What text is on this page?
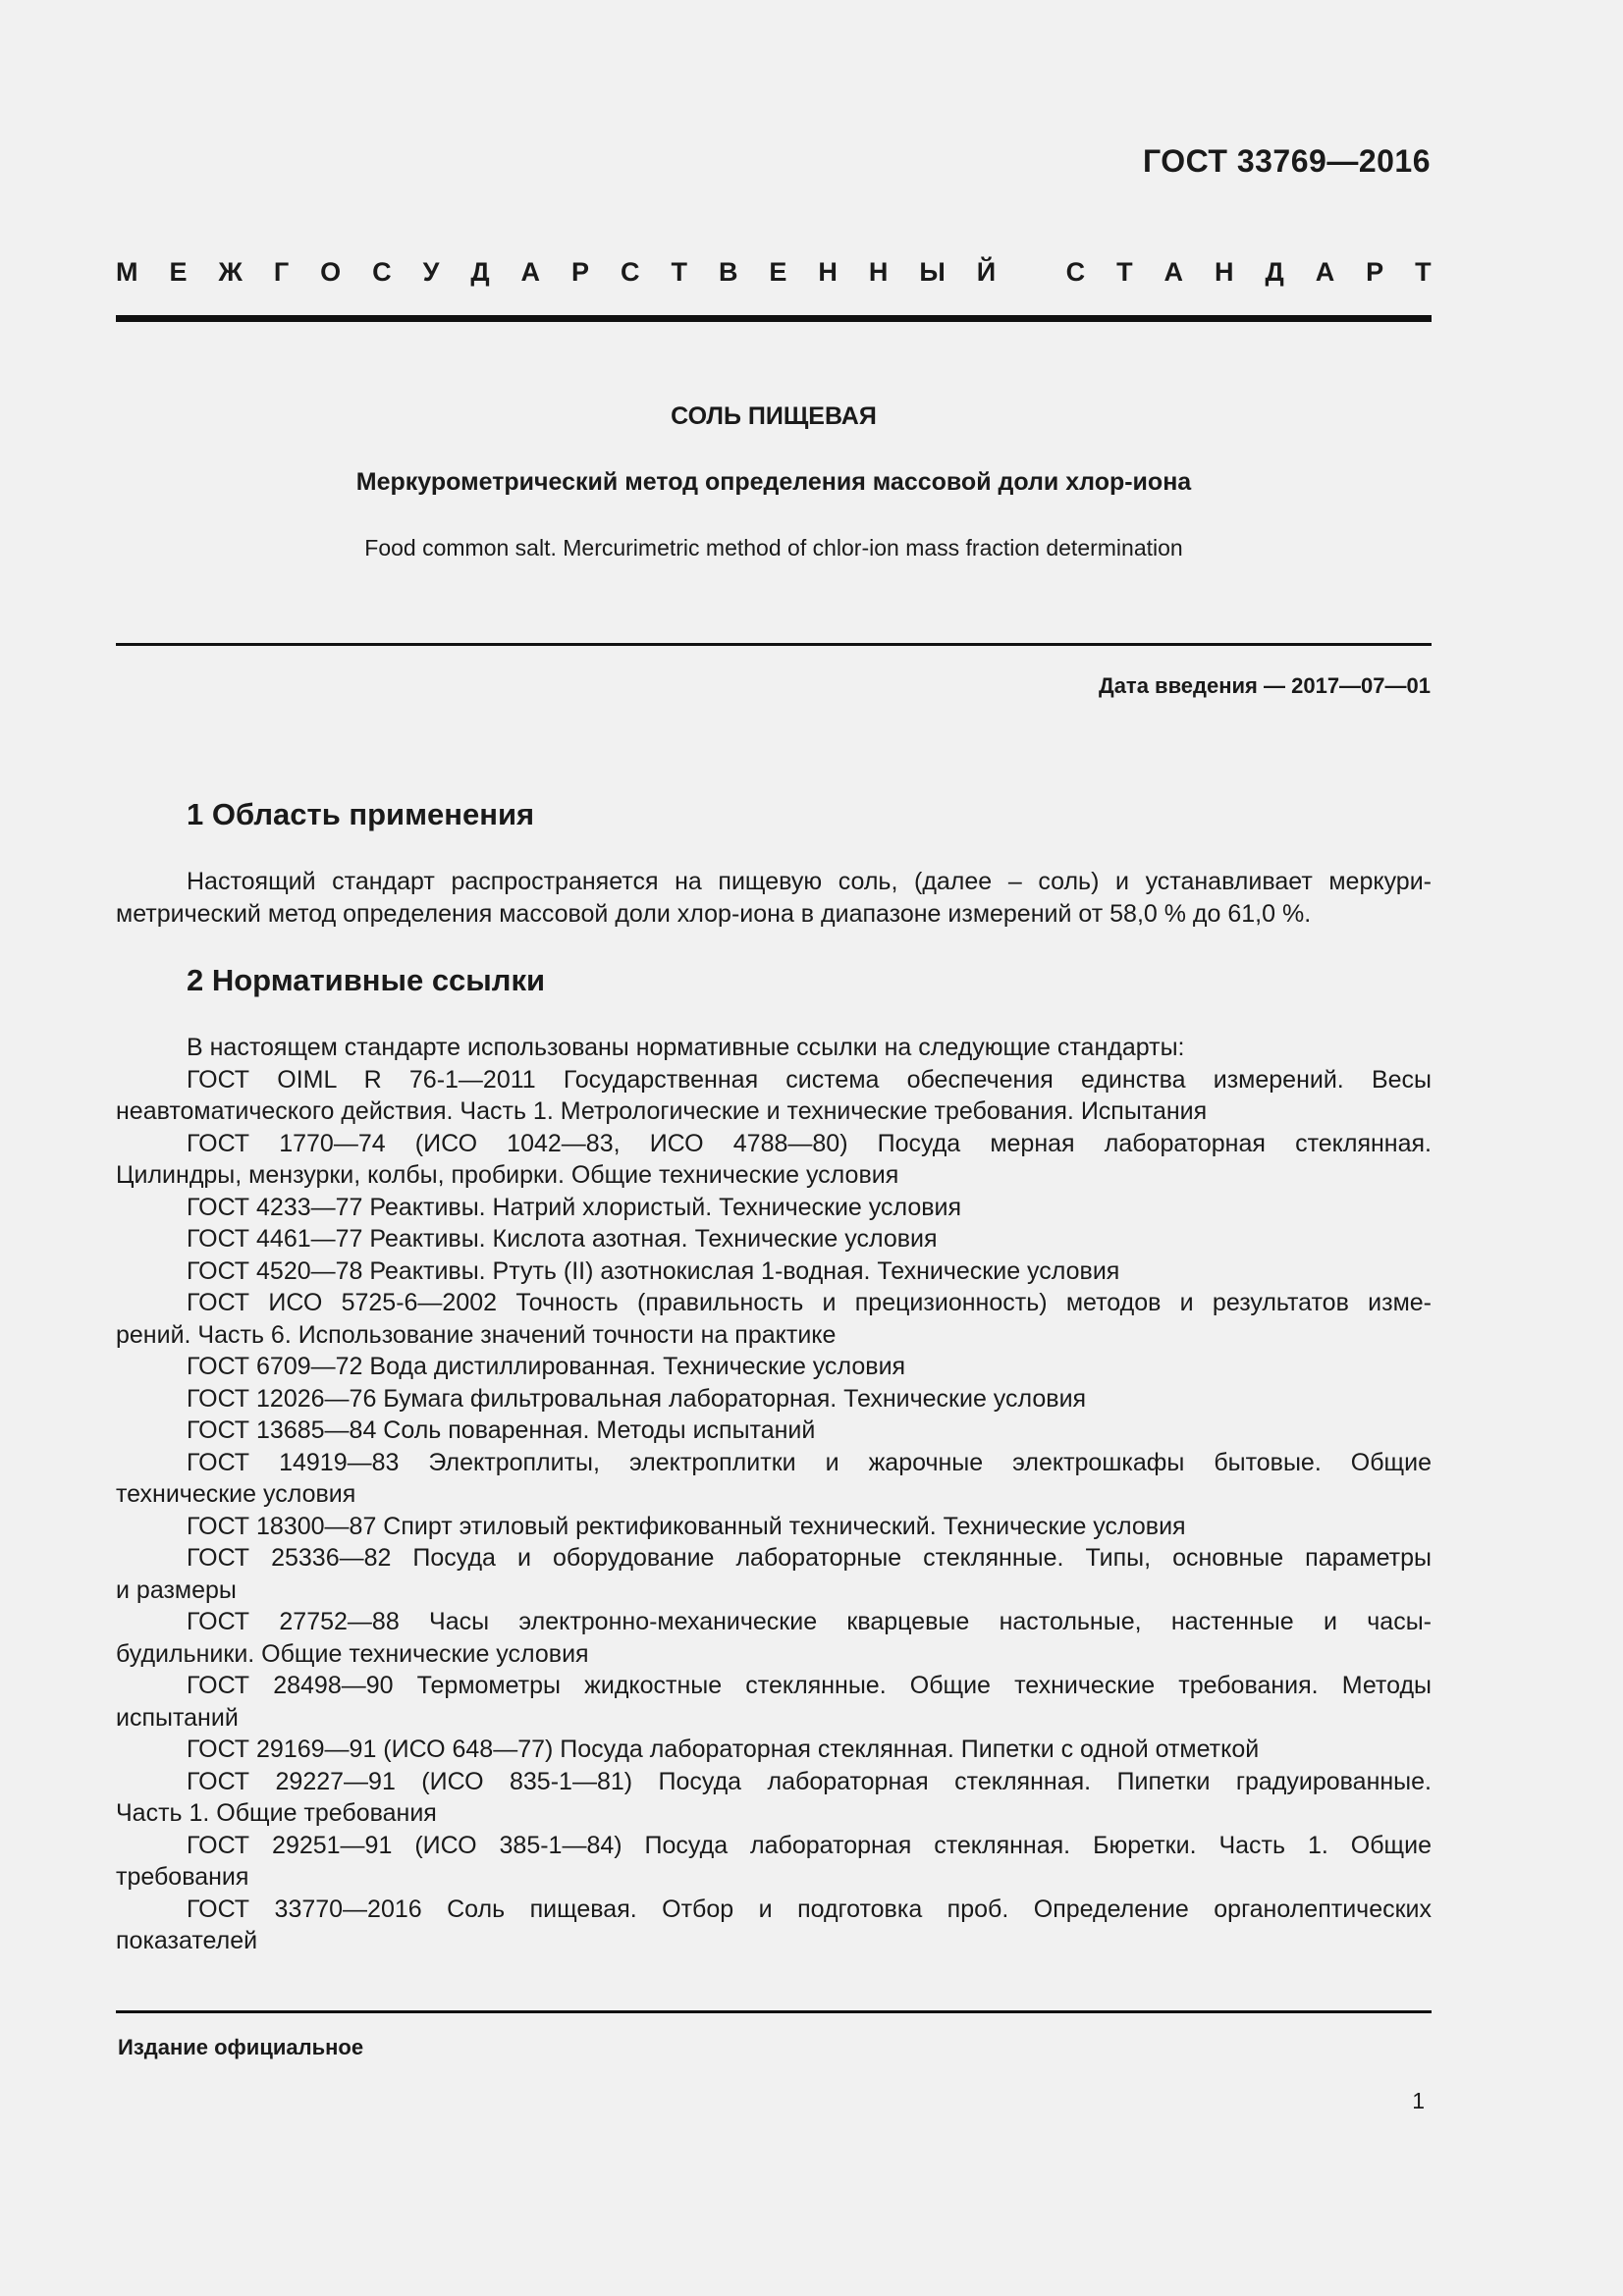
ГОСТ 33769—2016
М Е Ж Г О С У Д А Р С Т В Е Н Н Ы Й
	С Т А Н Д А Р Т
СОЛЬ ПИЩЕВАЯ
Меркурометрический метод определения массовой доли хлор-иона
Food common salt. Mercurimetric method of chlor-ion mass fraction determination
Дата введения — 2017—07—01
1 Область применения
Настоящий стандарт распространяется на пищевую соль, (далее – соль) и устанавливает меркури-
метрический метод определения массовой доли хлор-иона в диапазоне измерений от 58,0 % до 61,0 %.
2 Нормативные ссылки
В настоящем стандарте использованы нормативные ссылки на следующие стандарты:
ГОСТ OIML R 76-1—2011 Государственная система обеспечения единства измерений. Весы
неавтоматического действия. Часть 1. Метрологические и технические требования. Испытания
ГОСТ 1770—74 (ИСО 1042—83, ИСО 4788—80) Посуда мерная лабораторная стеклянная.
Цилиндры, мензурки, колбы, пробирки. Общие технические условия
ГОСТ 4233—77 Реактивы. Натрий хлористый. Технические условия
ГОСТ 4461—77 Реактивы. Кислота азотная. Технические условия
ГОСТ 4520—78 Реактивы. Ртуть (II) азотнокислая 1-водная. Технические условия
ГОСТ ИСО 5725-6—2002 Точность (правильность и прецизионность) методов и результатов изме-
рений. Часть 6. Использование значений точности на практике
ГОСТ 6709—72 Вода дистиллированная. Технические условия
ГОСТ 12026—76 Бумага фильтровальная лабораторная. Технические условия
ГОСТ 13685—84 Соль поваренная. Методы испытаний
ГОСТ 14919—83 Электроплиты, электроплитки и жарочные электрошкафы бытовые. Общие
технические условия
ГОСТ 18300—87 Спирт этиловый ректификованный технический. Технические условия
ГОСТ 25336—82 Посуда и оборудование лабораторные стеклянные. Типы, основные параметры
и размеры
ГОСТ 27752—88 Часы электронно-механические кварцевые настольные, настенные и часы-
будильники. Общие технические условия
ГОСТ 28498—90 Термометры жидкостные стеклянные. Общие технические требования. Методы
испытаний
ГОСТ 29169—91 (ИСО 648—77) Посуда лабораторная стеклянная. Пипетки с одной отметкой
ГОСТ 29227—91 (ИСО 835-1—81) Посуда лабораторная стеклянная. Пипетки градуированные.
Часть 1. Общие требования
ГОСТ 29251—91 (ИСО 385-1—84) Посуда лабораторная стеклянная. Бюретки. Часть 1. Общие
требования
ГОСТ 33770—2016 Соль пищевая. Отбор и подготовка проб. Определение органолептических
показателей
Издание официальное
1
